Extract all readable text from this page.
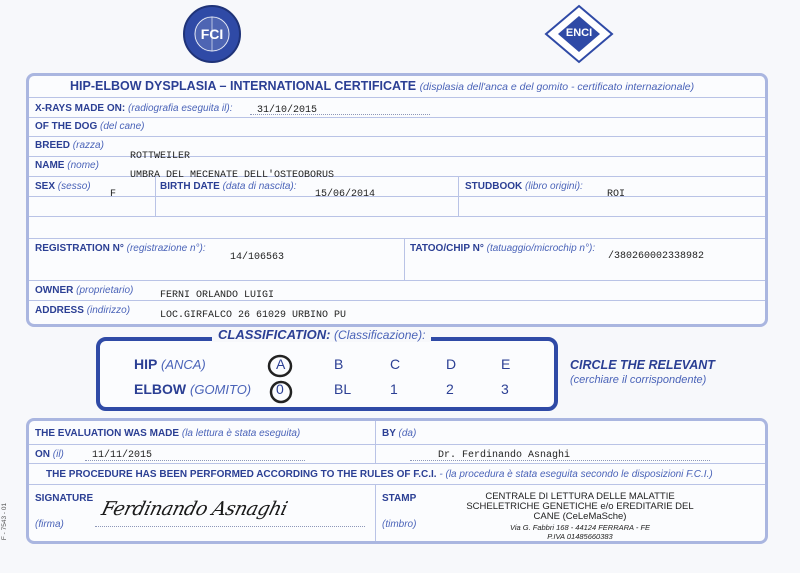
FCI	ENCI
HIP-ELBOW DYSPLASIA – INTERNATIONAL CERTIFICATE (displasia dell'anca e del gomito - certificato internazionale)
X-RAYS MADE ON: (radiografia eseguita il): 31/10/2015
OF THE DOG (del cane)
BREED (razza)
ROTTWEILER
NAME (nome)
UMBRA DEL MECENATE DELL'OSTEOBORUS
SEX (sesso)
F
BIRTH DATE (data di nascita):
15/06/2014
STUDBOOK (libro origini):
ROI
REGISTRATION N° (registrazione n°):
14/106563
TATOO/CHIP N° (tatuaggio/microchip n°):
/380260002338982
OWNER (proprietario)	FERNI ORLANDO LUIGI
ADDRESS (indirizzo)	LOC.GIRFALCO 26 61029 URBINO PU
CLASSIFICATION: (Classificazione):
HIP (ANCA)
ELBOW (GOMITO)
A	B	C	D	E
0	BL	1	2	3
CIRCLE THE RELEVANT
(cerchiare il corrispondente)
THE EVALUATION WAS MADE (la lettura è stata eseguita)	BY (da)
ON (il)	11/11/2015	Dr. Ferdinando Asnaghi
THE PROCEDURE HAS BEEN PERFORMED ACCORDING TO THE RULES OF F.C.I. - (la procedura è stata eseguita secondo le disposizioni F.C.I.)
SIGNATURE
(firma)
Ferdinando Asnaghi	STAMP
(timbro)
CENTRALE DI LETTURA DELLE MALATTIE
SCHELETRICHE GENETICHE e/o EREDITARIE DEL
CANE (CeLeMaSche)
Via G. Fabbri 168 - 44124 FERRARA - FE
P.IVA 01485660383
F - 7543 - 01
